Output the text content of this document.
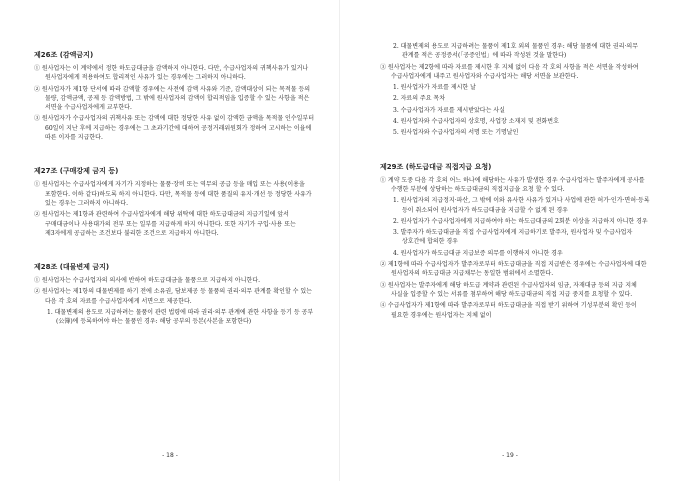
제26조 (감액금지)
① 원사업자는 이 계약에서 정한 하도급대금을 감액하지 아니한다. 다만, 수급사업자의 귀책사유가 있거나 원사업자에게 적용하여도 합리적인 사유가 있는 경우에는 그러하지 아니하다.
② 원사업자가 제1항 단서에 따라 감액할 경우에는 사전에 감액 사유와 기준, 감액대상이 되는 목적물 등의 물량, 감액금액, 공제 등 감액방법, 그 밖에 원사업자의 감액이 합리적임을 입증할 수 있는 사항을 적은 서면을 수급사업자에게 교부한다.
③ 원사업자가 수급사업자의 귀책사유 또는 감액에 대한 정당한 사유 없이 감액한 금액을 목적물 인수일부터 60일이 지난 후에 지급하는 경우에는 그 초과기간에 대하여 공정거래위원회가 정하여 고시하는 이율에 따른 이자를 지급한다.
제27조 (구매강제 금지 등)
① 원사업자는 수급사업자에게 자기가 지정하는 물품·장비 또는 역무의 공급 등을 매입 또는 사용(이용을 포함한다. 이하 같다)하도록 하지 아니한다. 다만, 목적물 등에 대한 품질의 유지·개선 등 정당한 사유가 있는 경우는 그러하지 아니하다.
② 원사업자는 제1항과 관련하여 수급사업자에게 해당 위탁에 대한 하도급대금의 지급기일에 앞서 구매대금이나 사용대가의 전부 또는 일부를 지급하게 하지 아니한다. 또한 자기가 구입·사용 또는 제3자에게 공급하는 조건보다 불리한 조건으로 지급하지 아니한다.
제28조 (대물변제 금지)
① 원사업자는 수급사업자의 의사에 반하여 하도급대금을 물품으로 지급하지 아니한다.
② 원사업자는 제1항의 대물변제를 하기 전에 소유권, 담보제공 등 물품의 권리·의무 관계를 확인할 수 있는 다음 각 호의 자료를 수급사업자에게 서면으로 제공한다.
1. 대물변제의 용도로 지급하려는 물품이 관련 법령에 따라 권리·의무 관계에 관한 사항을 등기 등 공부(公簿)에 등록하여야 하는 물품인 경우: 해당 공부의 등본(사본을 포함한다)
- 18 -
2. 대물변제의 용도로 지급하려는 물품이 제1호 외의 물품인 경우: 해당 물품에 대한 권리·의무 관계를 적은 공정증서(「공증인법」에 따라 작성된 것을 말한다)
③ 원사업자는 제2항에 따라 자료를 제시한 후 지체 없이 다음 각 호의 사항을 적은 서면을 작성하여 수급사업자에게 내주고 원사업자와 수급사업자는 해당 서면을 보관한다.
1. 원사업자가 자료를 제시한 날
2. 자료의 주요 목차
3. 수급사업자가 자료를 제시받았다는 사실
4. 원사업자와 수급사업자의 상호명, 사업장 소재지 및 전화번호
5. 원사업자와 수급사업자의 서명 또는 기명날인
제29조 (하도급대금 직접지급 요청)
① 계약 도중 다음 각 호의 어느 하나에 해당하는 사유가 발생한 경우 수급사업자는 발주자에게 공사를 수행한 부분에 상당하는 하도급대금의 직접지급을 요청 할 수 있다.
1. 원사업자의 지급정지·파산, 그 밖에 이와 유사한 사유가 있거나 사업에 관한 허가·인가·면허·등록 등이 취소되어 원사업자가 하도급대금을 지급할 수 없게 된 경우
2. 원사업자가 수급사업자에게 지급하여야 하는 하도급대금의 2회분 이상을 지급하지 아니한 경우
3. 발주자가 하도급대금을 직접 수급사업자에게 지급하기로 발주자, 원사업자 및 수급사업자 상호간에 합의한 경우
4. 원사업자가 하도급대금 지급보증 의무를 이행하지 아니한 경우
② 제1항에 따라 수급사업자가 발주자로부터 하도급대금을 직접 지급받은 경우에는 수급사업자에 대한 원사업자의 하도급대금 지급채무는 동일한 범위에서 소멸한다.
③ 원사업자는 발주자에게 해당 하도급 계약과 관련된 수급사업자의 임금, 자재대금 등의 지급 지체 사실을 입증할 수 있는 서류를 첨부하여 해당 하도급대금의 직접 지급 중지를 요청할 수 있다.
④ 수급사업자가 제1항에 따라 발주자로부터 하도급대금을 직접 받기 위하여 기성부분의 확인 등이 필요한 경우에는 원사업자는 지체 없이
- 19 -
